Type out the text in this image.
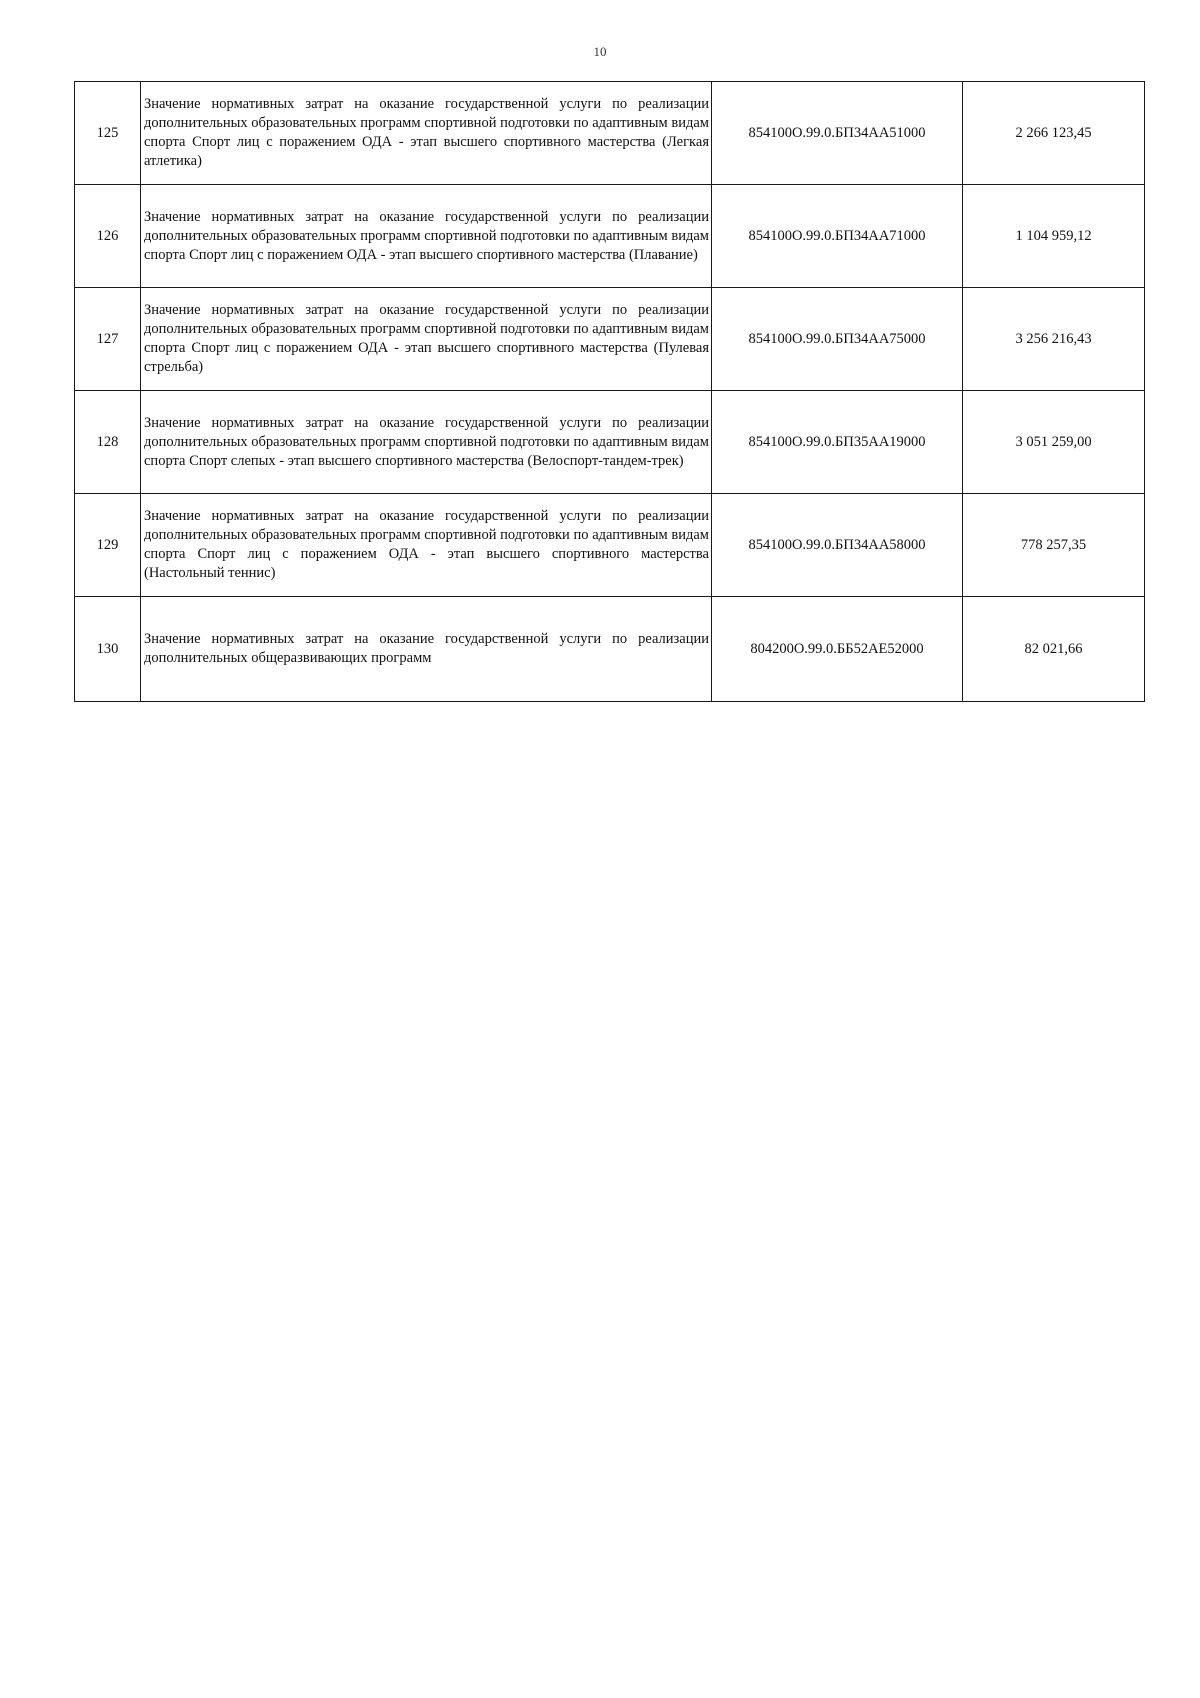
10
125	Значение нормативных затрат на оказание государственной услуги по реализации дополнительных образовательных программ спортивной подготовки по адаптивным видам спорта Спорт лиц с поражением ОДА - этап высшего спортивного мастерства (Легкая атлетика)	854100О.99.0.БП34АА51000	2 266 123,45
126	Значение нормативных затрат на оказание государственной услуги по реализации дополнительных образовательных программ спортивной подготовки по адаптивным видам спорта Спорт лиц с поражением ОДА - этап высшего спортивного мастерства (Плавание)	854100О.99.0.БП34АА71000	1 104 959,12
127	Значение нормативных затрат на оказание государственной услуги по реализации дополнительных образовательных программ спортивной подготовки по адаптивным видам спорта Спорт лиц с поражением ОДА - этап высшего спортивного мастерства (Пулевая стрельба)	854100О.99.0.БП34АА75000	3 256 216,43
128	Значение нормативных затрат на оказание государственной услуги по реализации дополнительных образовательных программ спортивной подготовки по адаптивным видам спорта Спорт слепых - этап высшего спортивного мастерства (Велоспорт-тандем-трек)	854100О.99.0.БП35АА19000	3 051 259,00
129	Значение нормативных затрат на оказание государственной услуги по реализации дополнительных образовательных программ спортивной подготовки по адаптивным видам спорта Спорт лиц с поражением ОДА - этап высшего спортивного мастерства (Настольный теннис)	854100О.99.0.БП34АА58000	778 257,35
130	Значение нормативных затрат на оказание государственной услуги по реализации дополнительных общеразвивающих программ	804200О.99.0.ББ52АЕ52000	82 021,66
